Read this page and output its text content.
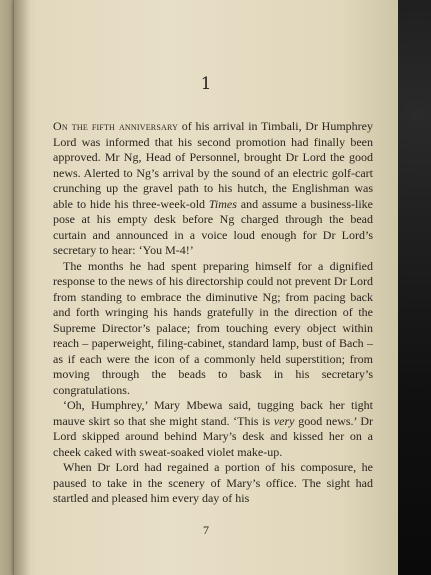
1

On the fifth anniversary of his arrival in Timbali, Dr Humphrey Lord was informed that his second promotion had finally been approved. Mr Ng, Head of Personnel, brought Dr Lord the good news. Alerted to Ng’s arrival by the sound of an electric golf-cart crunching up the gravel path to his hutch, the Englishman was able to hide his three-week-old Times and assume a business-like pose at his empty desk before Ng charged through the bead curtain and announced in a voice loud enough for Dr Lord’s secretary to hear: ‘You M-4!’

The months he had spent preparing himself for a dignified response to the news of his directorship could not prevent Dr Lord from standing to embrace the diminutive Ng; from pacing back and forth wringing his hands gratefully in the direction of the Supreme Director’s palace; from touching every object within reach – paperweight, filing-cabinet, standard lamp, bust of Bach – as if each were the icon of a commonly held superstition; from moving through the beads to bask in his secretary’s congratulations.

‘Oh, Humphrey,’ Mary Mbewa said, tugging back her tight mauve skirt so that she might stand. ‘This is very good news.’ Dr Lord skipped around behind Mary’s desk and kissed her on a cheek caked with sweat-soaked violet make-up.

When Dr Lord had regained a portion of his composure, he paused to take in the scenery of Mary’s office. The sight had startled and pleased him every day of his

7
